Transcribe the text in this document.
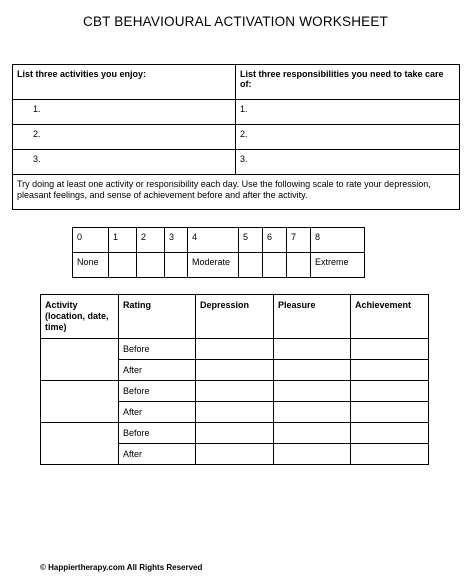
CBT BEHAVIOURAL ACTIVATION WORKSHEET
List three activities you enjoy:	List three responsibilities you need to take care of:
1.	1.
2.	2.
3.	3.
Try doing at least one activity or responsibility each day. Use the following scale to rate your depression, pleasant feelings, and sense of achievement before and after the activity.	
0	1	2	3	4	5	6	7	8
None				Moderate				Extreme
Activity (location, date, time)	Rating	Depression	Pleasure	Achievement
	Before			
	After			
	Before			
	After			
	Before			
	After			
© Happiertherapy.com All Rights Reserved
